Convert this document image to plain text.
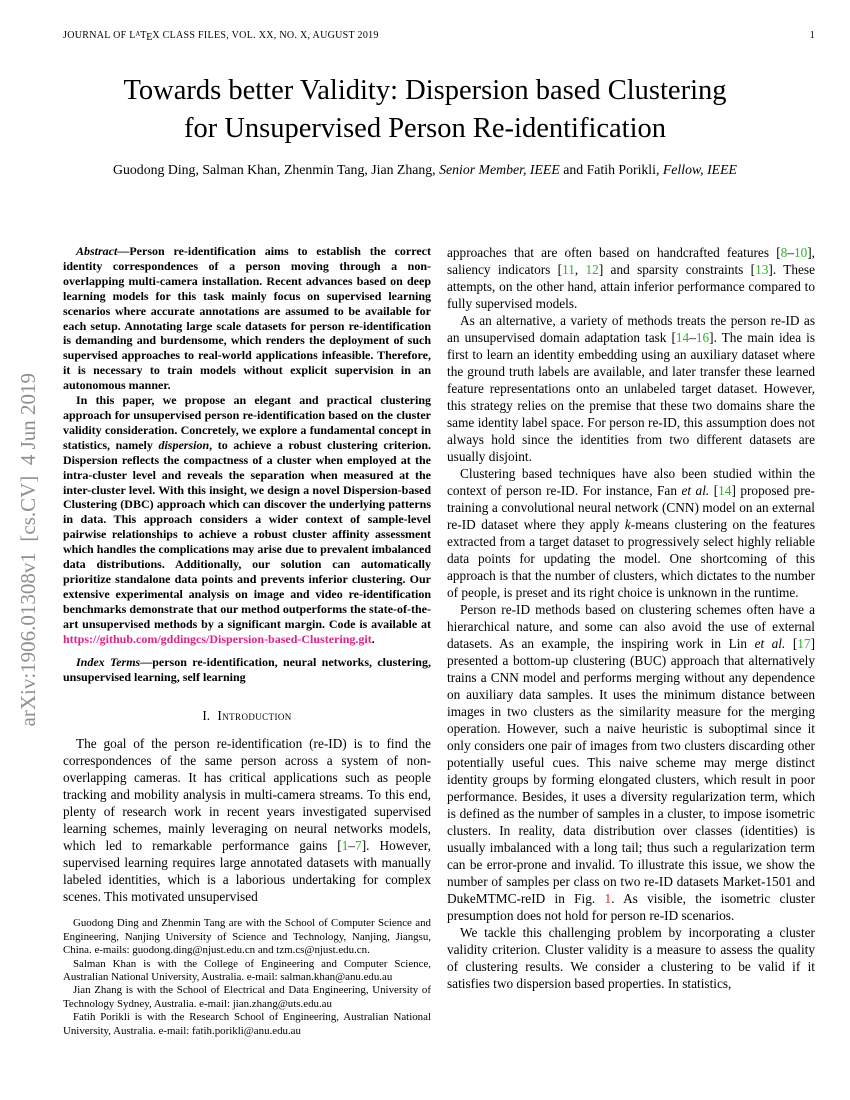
arXiv:1906.01308v1  [cs.CV]  4 Jun 2019
JOURNAL OF LATEX CLASS FILES, VOL. XX, NO. X, AUGUST 2019	1
Towards better Validity: Dispersion based Clustering
for Unsupervised Person Re-identification
Guodong Ding, Salman Khan, Zhenmin Tang, Jian Zhang, Senior Member, IEEE and Fatih Porikli, Fellow, IEEE

Abstract—Person re-identification aims to establish the correct identity correspondences of a person moving through a non-overlapping multi-camera installation. Recent advances based on deep learning models for this task mainly focus on supervised learning scenarios where accurate annotations are assumed to be available for each setup. Annotating large scale datasets for person re-identification is demanding and burdensome, which renders the deployment of such supervised approaches to real-world applications infeasible. Therefore, it is necessary to train models without explicit supervision in an autonomous manner.

In this paper, we propose an elegant and practical clustering approach for unsupervised person re-identification based on the cluster validity consideration. Concretely, we explore a fundamental concept in statistics, namely dispersion, to achieve a robust clustering criterion. Dispersion reflects the compactness of a cluster when employed at the intra-cluster level and reveals the separation when measured at the inter-cluster level. With this insight, we design a novel Dispersion-based Clustering (DBC) approach which can discover the underlying patterns in data. This approach considers a wider context of sample-level pairwise relationships to achieve a robust cluster affinity assessment which handles the complications may arise due to prevalent imbalanced data distributions. Additionally, our solution can automatically prioritize standalone data points and prevents inferior clustering. Our extensive experimental analysis on image and video re-identification benchmarks demonstrate that our method outperforms the state-of-the-art unsupervised methods by a significant margin. Code is available at https://github.com/gddingcs/Dispersion-based-Clustering.git.

Index Terms—person re-identification, neural networks, clustering, unsupervised learning, self learning

I. Introduction

The goal of the person re-identification (re-ID) is to find the correspondences of the same person across a system of non-overlapping cameras. It has critical applications such as people tracking and mobility analysis in multi-camera streams. To this end, plenty of research work in recent years investigated supervised learning schemes, mainly leveraging on neural networks models, which led to remarkable performance gains [1–7]. However, supervised learning requires large annotated datasets with manually labeled identities, which is a laborious undertaking for complex scenes. This motivated unsupervised

Guodong Ding and Zhenmin Tang are with the School of Computer Science and Engineering, Nanjing University of Science and Technology, Nanjing, Jiangsu, China. e-mails: guodong.ding@njust.edu.cn and tzm.cs@njust.edu.cn.

Salman Khan is with the College of Engineering and Computer Science, Australian National University, Australia. e-mail: salman.khan@anu.edu.au

Jian Zhang is with the School of Electrical and Data Engineering, University of Technology Sydney, Australia. e-mail: jian.zhang@uts.edu.au

Fatih Porikli is with the Research School of Engineering, Australian National University, Australia. e-mail: fatih.porikli@anu.edu.au

approaches that are often based on handcrafted features [8–10], saliency indicators [11, 12] and sparsity constraints [13]. These attempts, on the other hand, attain inferior performance compared to fully supervised models.

As an alternative, a variety of methods treats the person re-ID as an unsupervised domain adaptation task [14–16]. The main idea is first to learn an identity embedding using an auxiliary dataset where the ground truth labels are available, and later transfer these learned feature representations onto an unlabeled target dataset. However, this strategy relies on the premise that these two domains share the same identity label space. For person re-ID, this assumption does not always hold since the identities from two different datasets are usually disjoint.

Clustering based techniques have also been studied within the context of person re-ID. For instance, Fan et al. [14] proposed pre-training a convolutional neural network (CNN) model on an external re-ID dataset where they apply k-means clustering on the features extracted from a target dataset to progressively select highly reliable data points for updating the model. One shortcoming of this approach is that the number of clusters, which dictates to the number of people, is preset and its right choice is unknown in the runtime.

Person re-ID methods based on clustering schemes often have a hierarchical nature, and some can also avoid the use of external datasets. As an example, the inspiring work in Lin et al. [17] presented a bottom-up clustering (BUC) approach that alternatively trains a CNN model and performs merging without any dependence on auxiliary data samples. It uses the minimum distance between images in two clusters as the similarity measure for the merging operation. However, such a naive heuristic is suboptimal since it only considers one pair of images from two clusters discarding other potentially useful cues. This naive scheme may merge distinct identity groups by forming elongated clusters, which result in poor performance. Besides, it uses a diversity regularization term, which is defined as the number of samples in a cluster, to impose isometric clusters. In reality, data distribution over classes (identities) is usually imbalanced with a long tail; thus such a regularization term can be error-prone and invalid. To illustrate this issue, we show the number of samples per class on two re-ID datasets Market-1501 and DukeMTMC-reID in Fig. 1. As visible, the isometric cluster presumption does not hold for person re-ID scenarios.

We tackle this challenging problem by incorporating a cluster validity criterion. Cluster validity is a measure to assess the quality of clustering results. We consider a clustering to be valid if it satisfies two dispersion based properties. In statistics,
